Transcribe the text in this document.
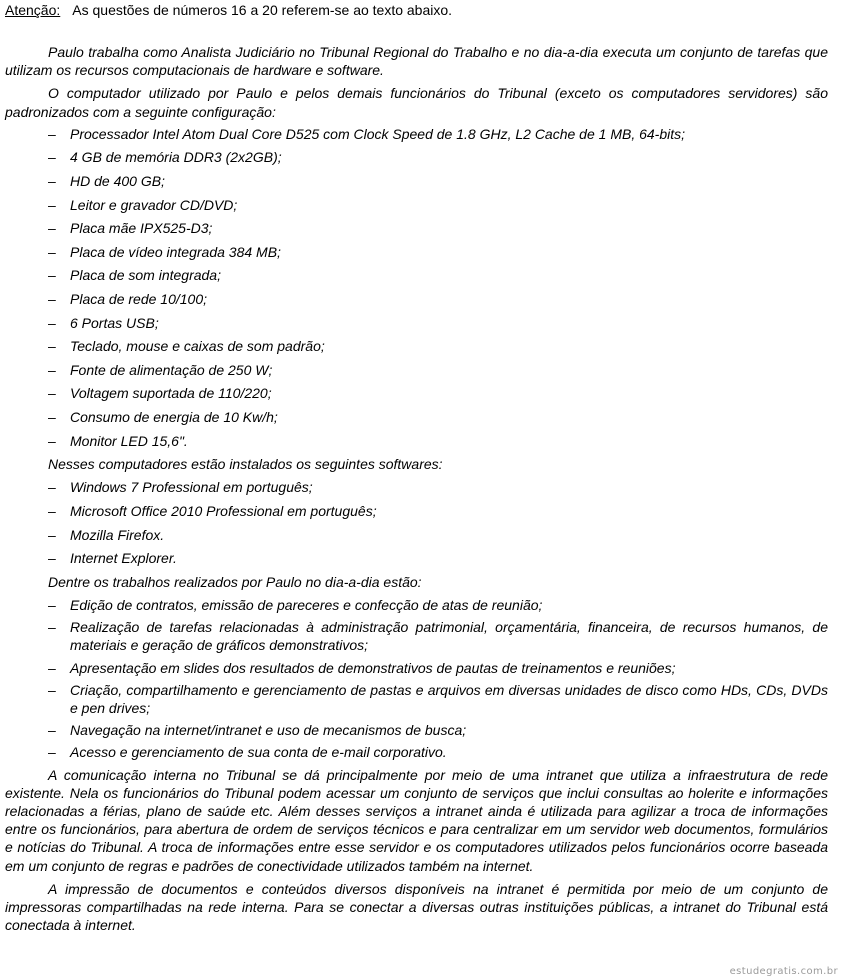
Atenção: As questões de números 16 a 20 referem-se ao texto abaixo.

Paulo trabalha como Analista Judiciário no Tribunal Regional do Trabalho e no dia-a-dia executa um conjunto de tarefas que utilizam os recursos computacionais de hardware e software.

O computador utilizado por Paulo e pelos demais funcionários do Tribunal (exceto os computadores servidores) são padronizados com a seguinte configuração:

– Processador Intel Atom Dual Core D525 com Clock Speed de 1.8 GHz, L2 Cache de 1 MB, 64-bits;
– 4 GB de memória DDR3 (2x2GB);
– HD de 400 GB;
– Leitor e gravador CD/DVD;
– Placa mãe IPX525-D3;
– Placa de vídeo integrada 384 MB;
– Placa de som integrada;
– Placa de rede 10/100;
– 6 Portas USB;
– Teclado, mouse e caixas de som padrão;
– Fonte de alimentação de 250 W;
– Voltagem suportada de 110/220;
– Consumo de energia de 10 Kw/h;
– Monitor LED 15,6".

Nesses computadores estão instalados os seguintes softwares:

– Windows 7 Professional em português;
– Microsoft Office 2010 Professional em português;
– Mozilla Firefox.
– Internet Explorer.

Dentre os trabalhos realizados por Paulo no dia-a-dia estão:

– Edição de contratos, emissão de pareceres e confecção de atas de reunião;
– Realização de tarefas relacionadas à administração patrimonial, orçamentária, financeira, de recursos humanos, de materiais e geração de gráficos demonstrativos;
– Apresentação em slides dos resultados de demonstrativos de pautas de treinamentos e reuniões;
– Criação, compartilhamento e gerenciamento de pastas e arquivos em diversas unidades de disco como HDs, CDs, DVDs e pen drives;
– Navegação na internet/intranet e uso de mecanismos de busca;
– Acesso e gerenciamento de sua conta de e-mail corporativo.

A comunicação interna no Tribunal se dá principalmente por meio de uma intranet que utiliza a infraestrutura de rede existente. Nela os funcionários do Tribunal podem acessar um conjunto de serviços que inclui consultas ao holerite e informações relacionadas a férias, plano de saúde etc. Além desses serviços a intranet ainda é utilizada para agilizar a troca de informações entre os funcionários, para abertura de ordem de serviços técnicos e para centralizar em um servidor web documentos, formulários e notícias do Tribunal. A troca de informações entre esse servidor e os computadores utilizados pelos funcionários ocorre baseada em um conjunto de regras e padrões de conectividade utilizados também na internet.

A impressão de documentos e conteúdos diversos disponíveis na intranet é permitida por meio de um conjunto de impressoras compartilhadas na rede interna. Para se conectar a diversas outras instituições públicas, a intranet do Tribunal está conectada à internet.

estudegratis.com.br
